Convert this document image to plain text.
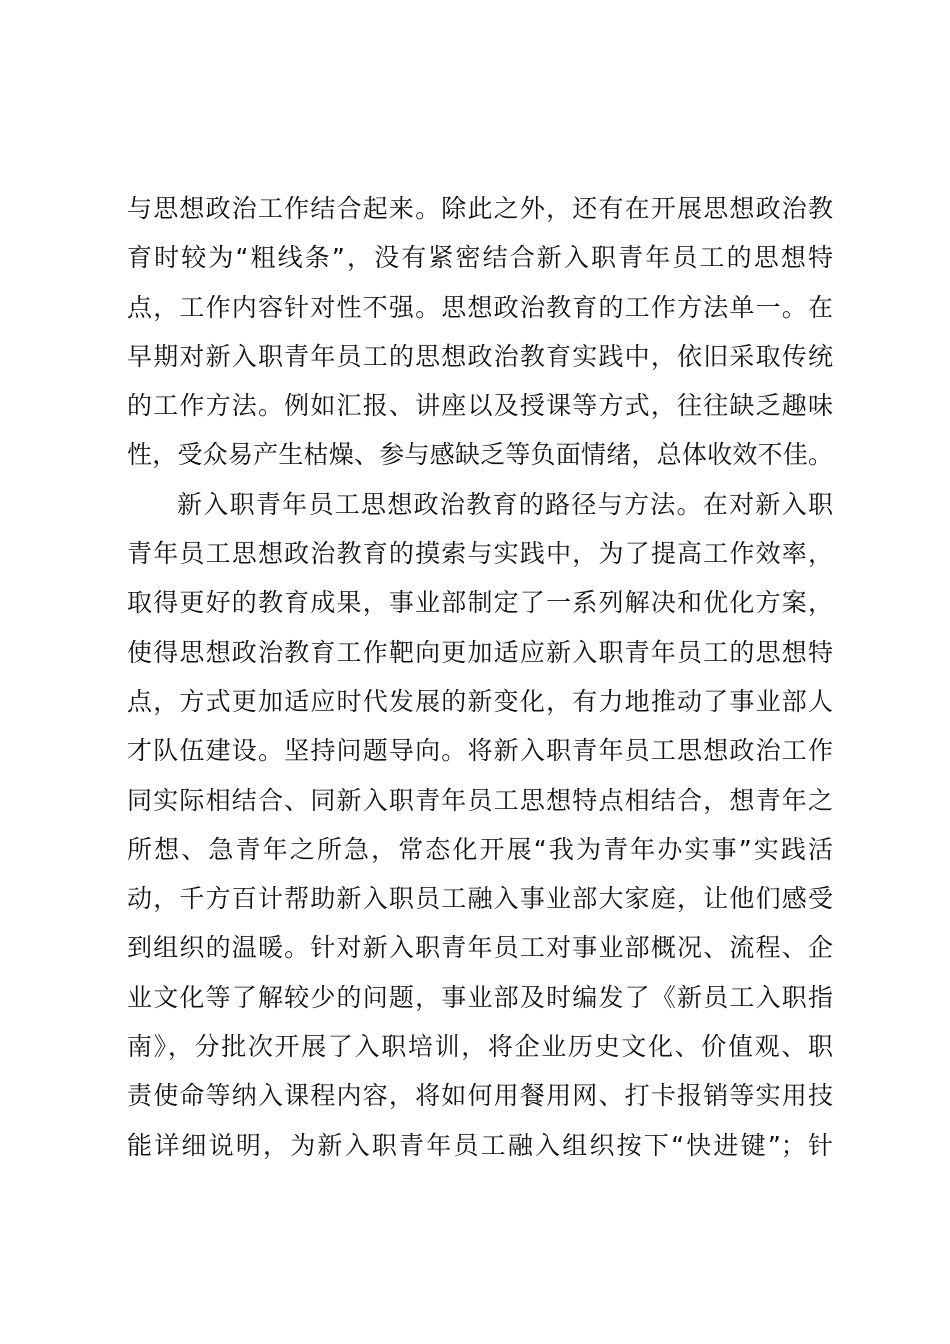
与思想政治工作结合起来。除此之外，还有在开展思想政治教
育时较为“粗线条”，没有紧密结合新入职青年员工的思想特
点，工作内容针对性不强。思想政治教育的工作方法单一。在
早期对新入职青年员工的思想政治教育实践中，依旧采取传统
的工作方法。例如汇报、讲座以及授课等方式，往往缺乏趣味
性，受众易产生枯燥、参与感缺乏等负面情绪，总体收效不佳。
新入职青年员工思想政治教育的路径与方法。在对新入职
青年员工思想政治教育的摸索与实践中，为了提高工作效率，
取得更好的教育成果，事业部制定了一系列解决和优化方案，
使得思想政治教育工作靶向更加适应新入职青年员工的思想特
点，方式更加适应时代发展的新变化，有力地推动了事业部人
才队伍建设。坚持问题导向。将新入职青年员工思想政治工作
同实际相结合、同新入职青年员工思想特点相结合，想青年之
所想、急青年之所急，常态化开展“我为青年办实事”实践活
动，千方百计帮助新入职员工融入事业部大家庭，让他们感受
到组织的温暖。针对新入职青年员工对事业部概况、流程、企
业文化等了解较少的问题，事业部及时编发了《新员工入职指
南》，分批次开展了入职培训，将企业历史文化、价值观、职
责使命等纳入课程内容，将如何用餐用网、打卡报销等实用技
能详细说明，为新入职青年员工融入组织按下“快进键”；针
